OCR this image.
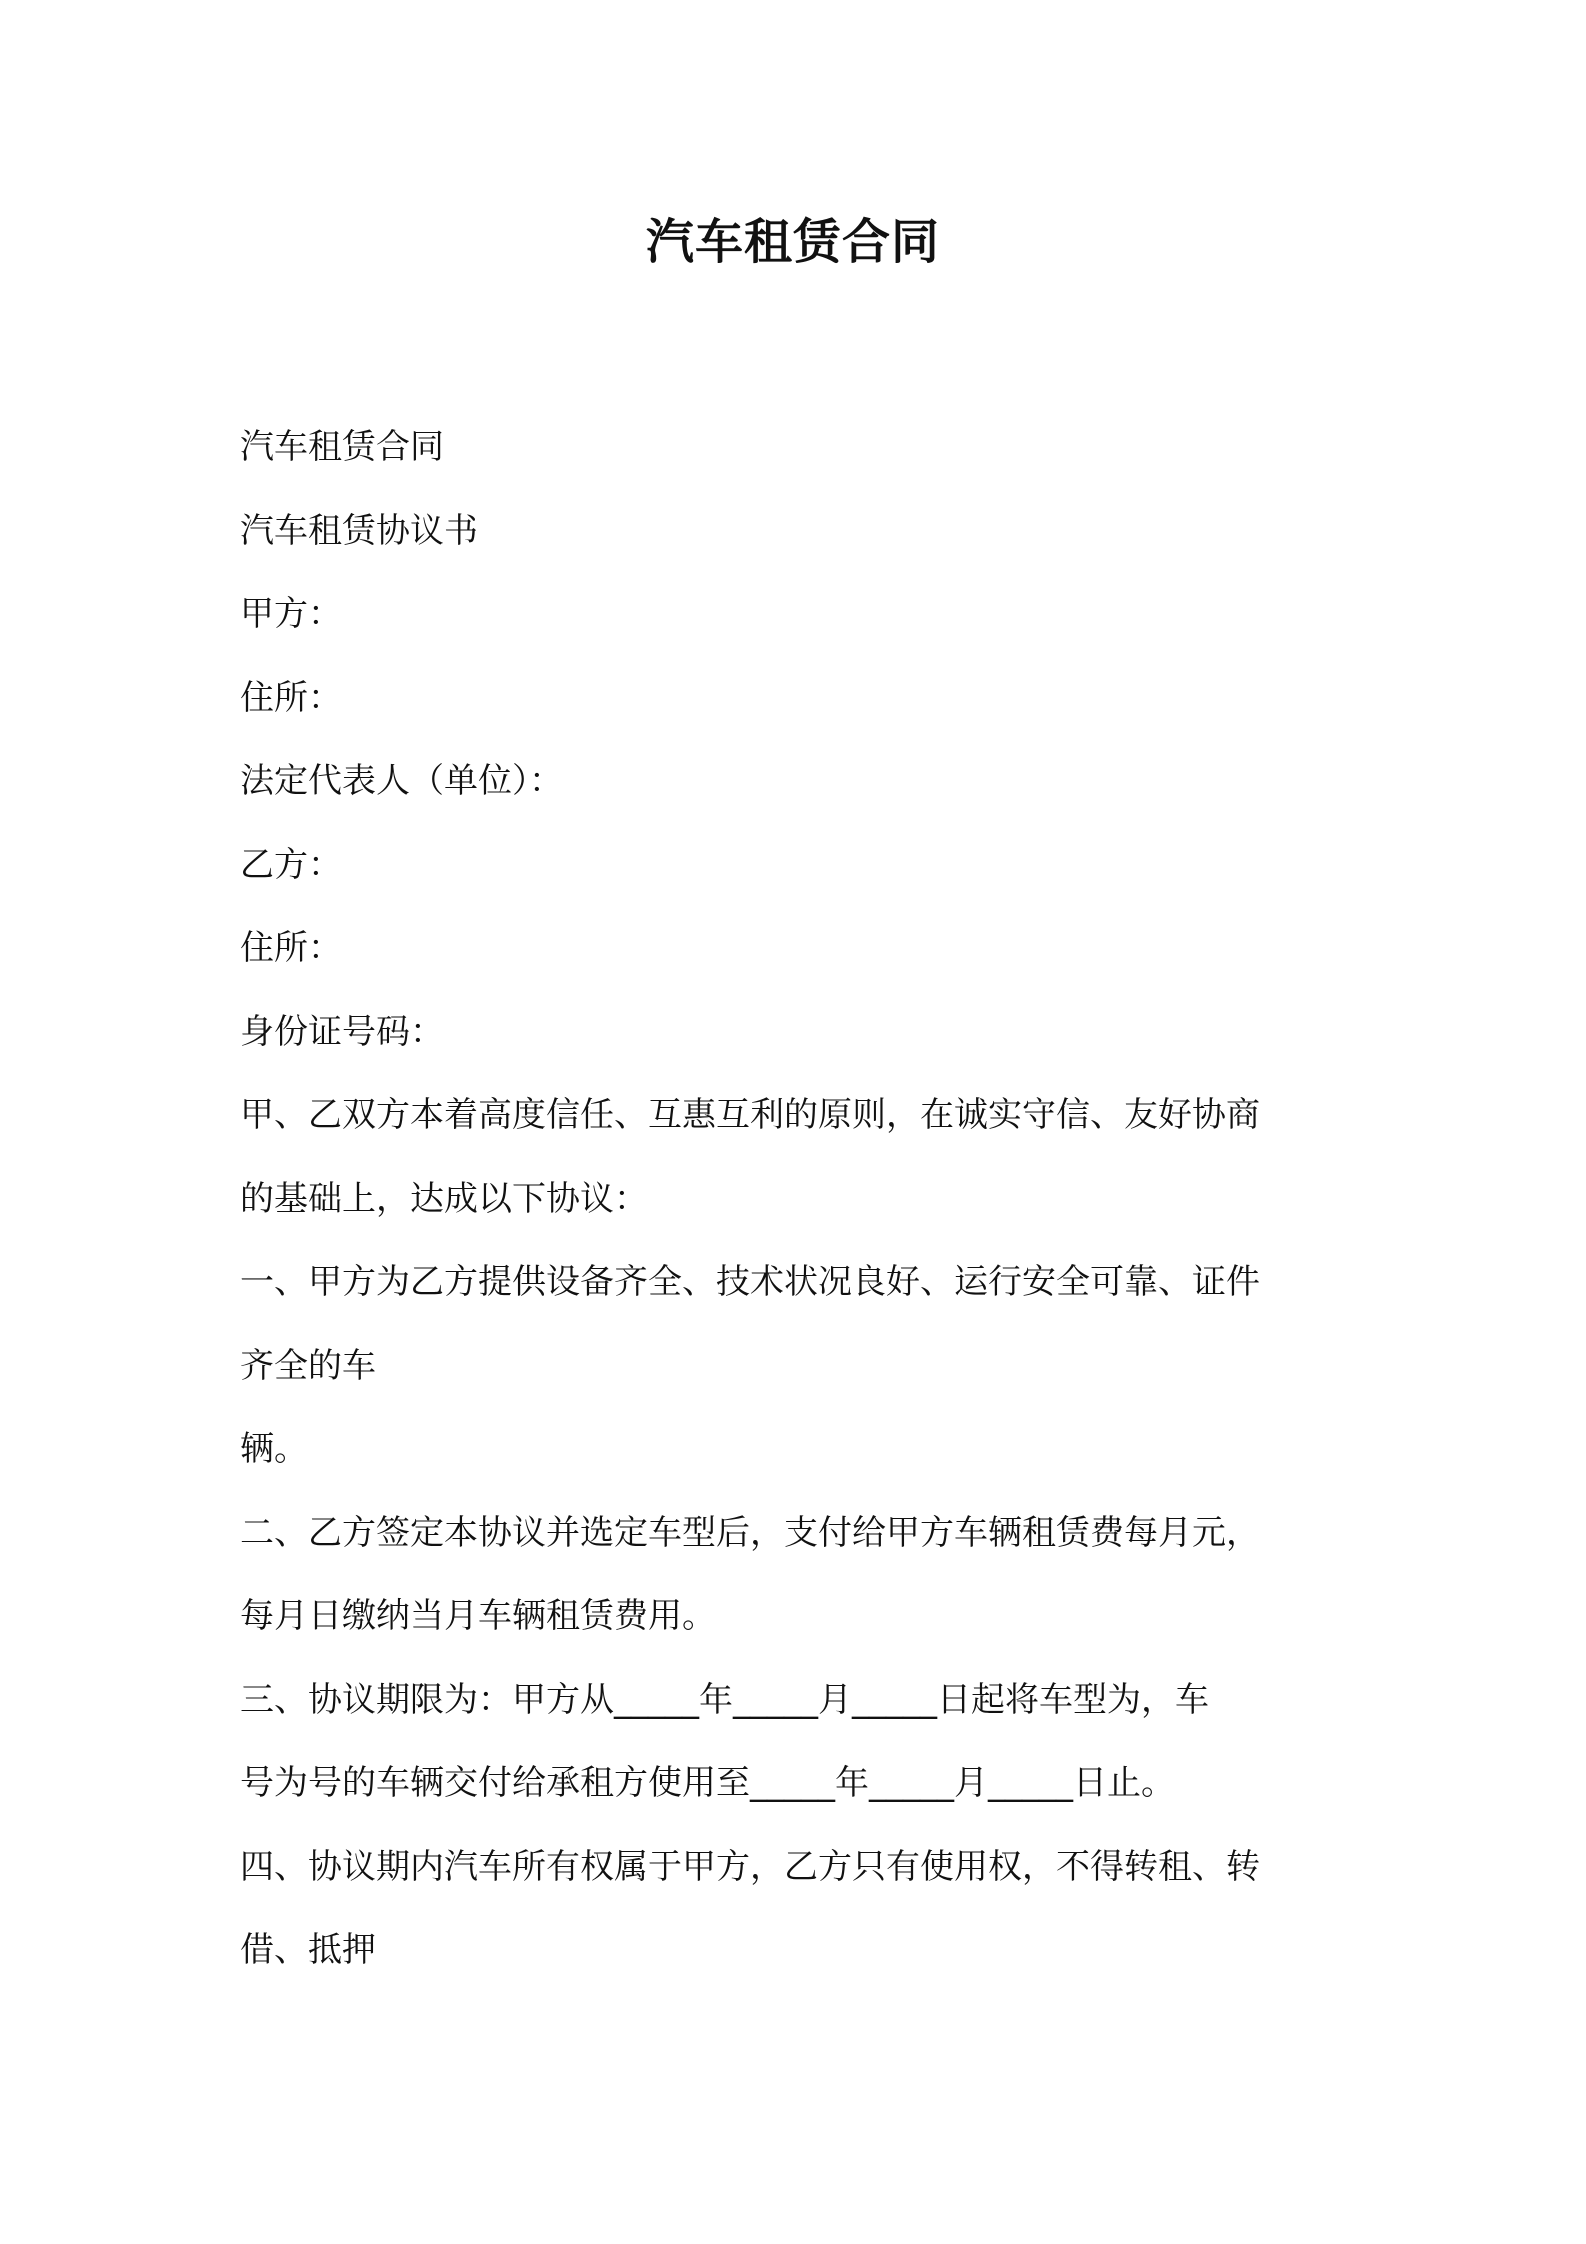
汽车租赁合同

汽车租赁合同

汽车租赁协议书

甲方：

住所：

法定代表人（单位）：

乙方：

住所：

身份证号码：

甲、乙双方本着高度信任、互惠互利的原则，在诚实守信、友好协商

的基础上，达成以下协议：

一、甲方为乙方提供设备齐全、技术状况良好、运行安全可靠、证件

齐全的车

辆。

二、乙方签定本协议并选定车型后，支付给甲方车辆租赁费每月元，

每月日缴纳当月车辆租赁费用。

三、协议期限为：甲方从_____年_____月_____日起将车型为，车

号为号的车辆交付给承租方使用至_____年_____月_____日止。

四、协议期内汽车所有权属于甲方，乙方只有使用权，不得转租、转

借、抵押
